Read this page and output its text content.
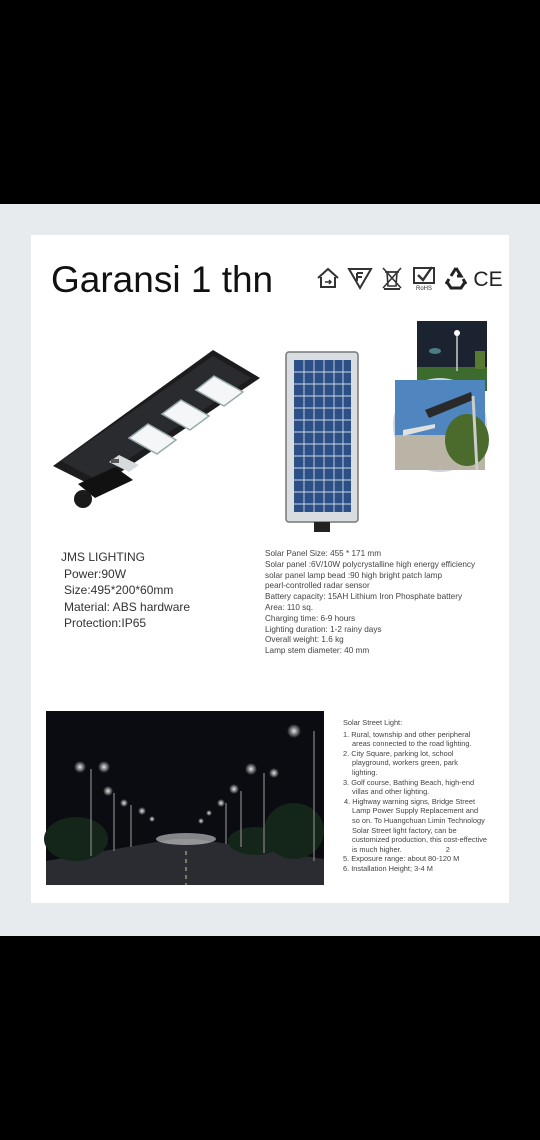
Garansi 1 thn	RoHS CE
JMS LIGHTING
Power:90W
Size:495*200*60mm
Material: ABS hardware
Protection:IP65
Solar Panel Size: 455 * 171 mm
Solar panel :6V/10W polycrystalline high energy efficiency
solar panel lamp bead :90 high bright patch lamp
pearl-controlled radar sensor
Battery capacity: 15AH Lithium Iron Phosphate battery
Area: 110 sq.
Charging time: 6-9 hours
Lighting duration: 1-2 rainy days
Overall weight: 1.6 kg
Lamp stem diameter: 40 mm
Solar Street Light:
1. Rural, township and other peripheral
areas connected to the road lighting.
2. City Square, parking lot, school
playground, workers green, park
lighting.
3. Golf course, Bathing Beach, high-end
villas and other lighting.
4. Highway warning signs, Bridge Street
Lamp Power Supply Replacement and
so on. To Huangchuan Limin Technology
Solar Street light factory, can be
customized production, this cost-effective
is much higher.	2
5. Exposure range: about 80-120 M
6. Installation Height; 3-4 M
